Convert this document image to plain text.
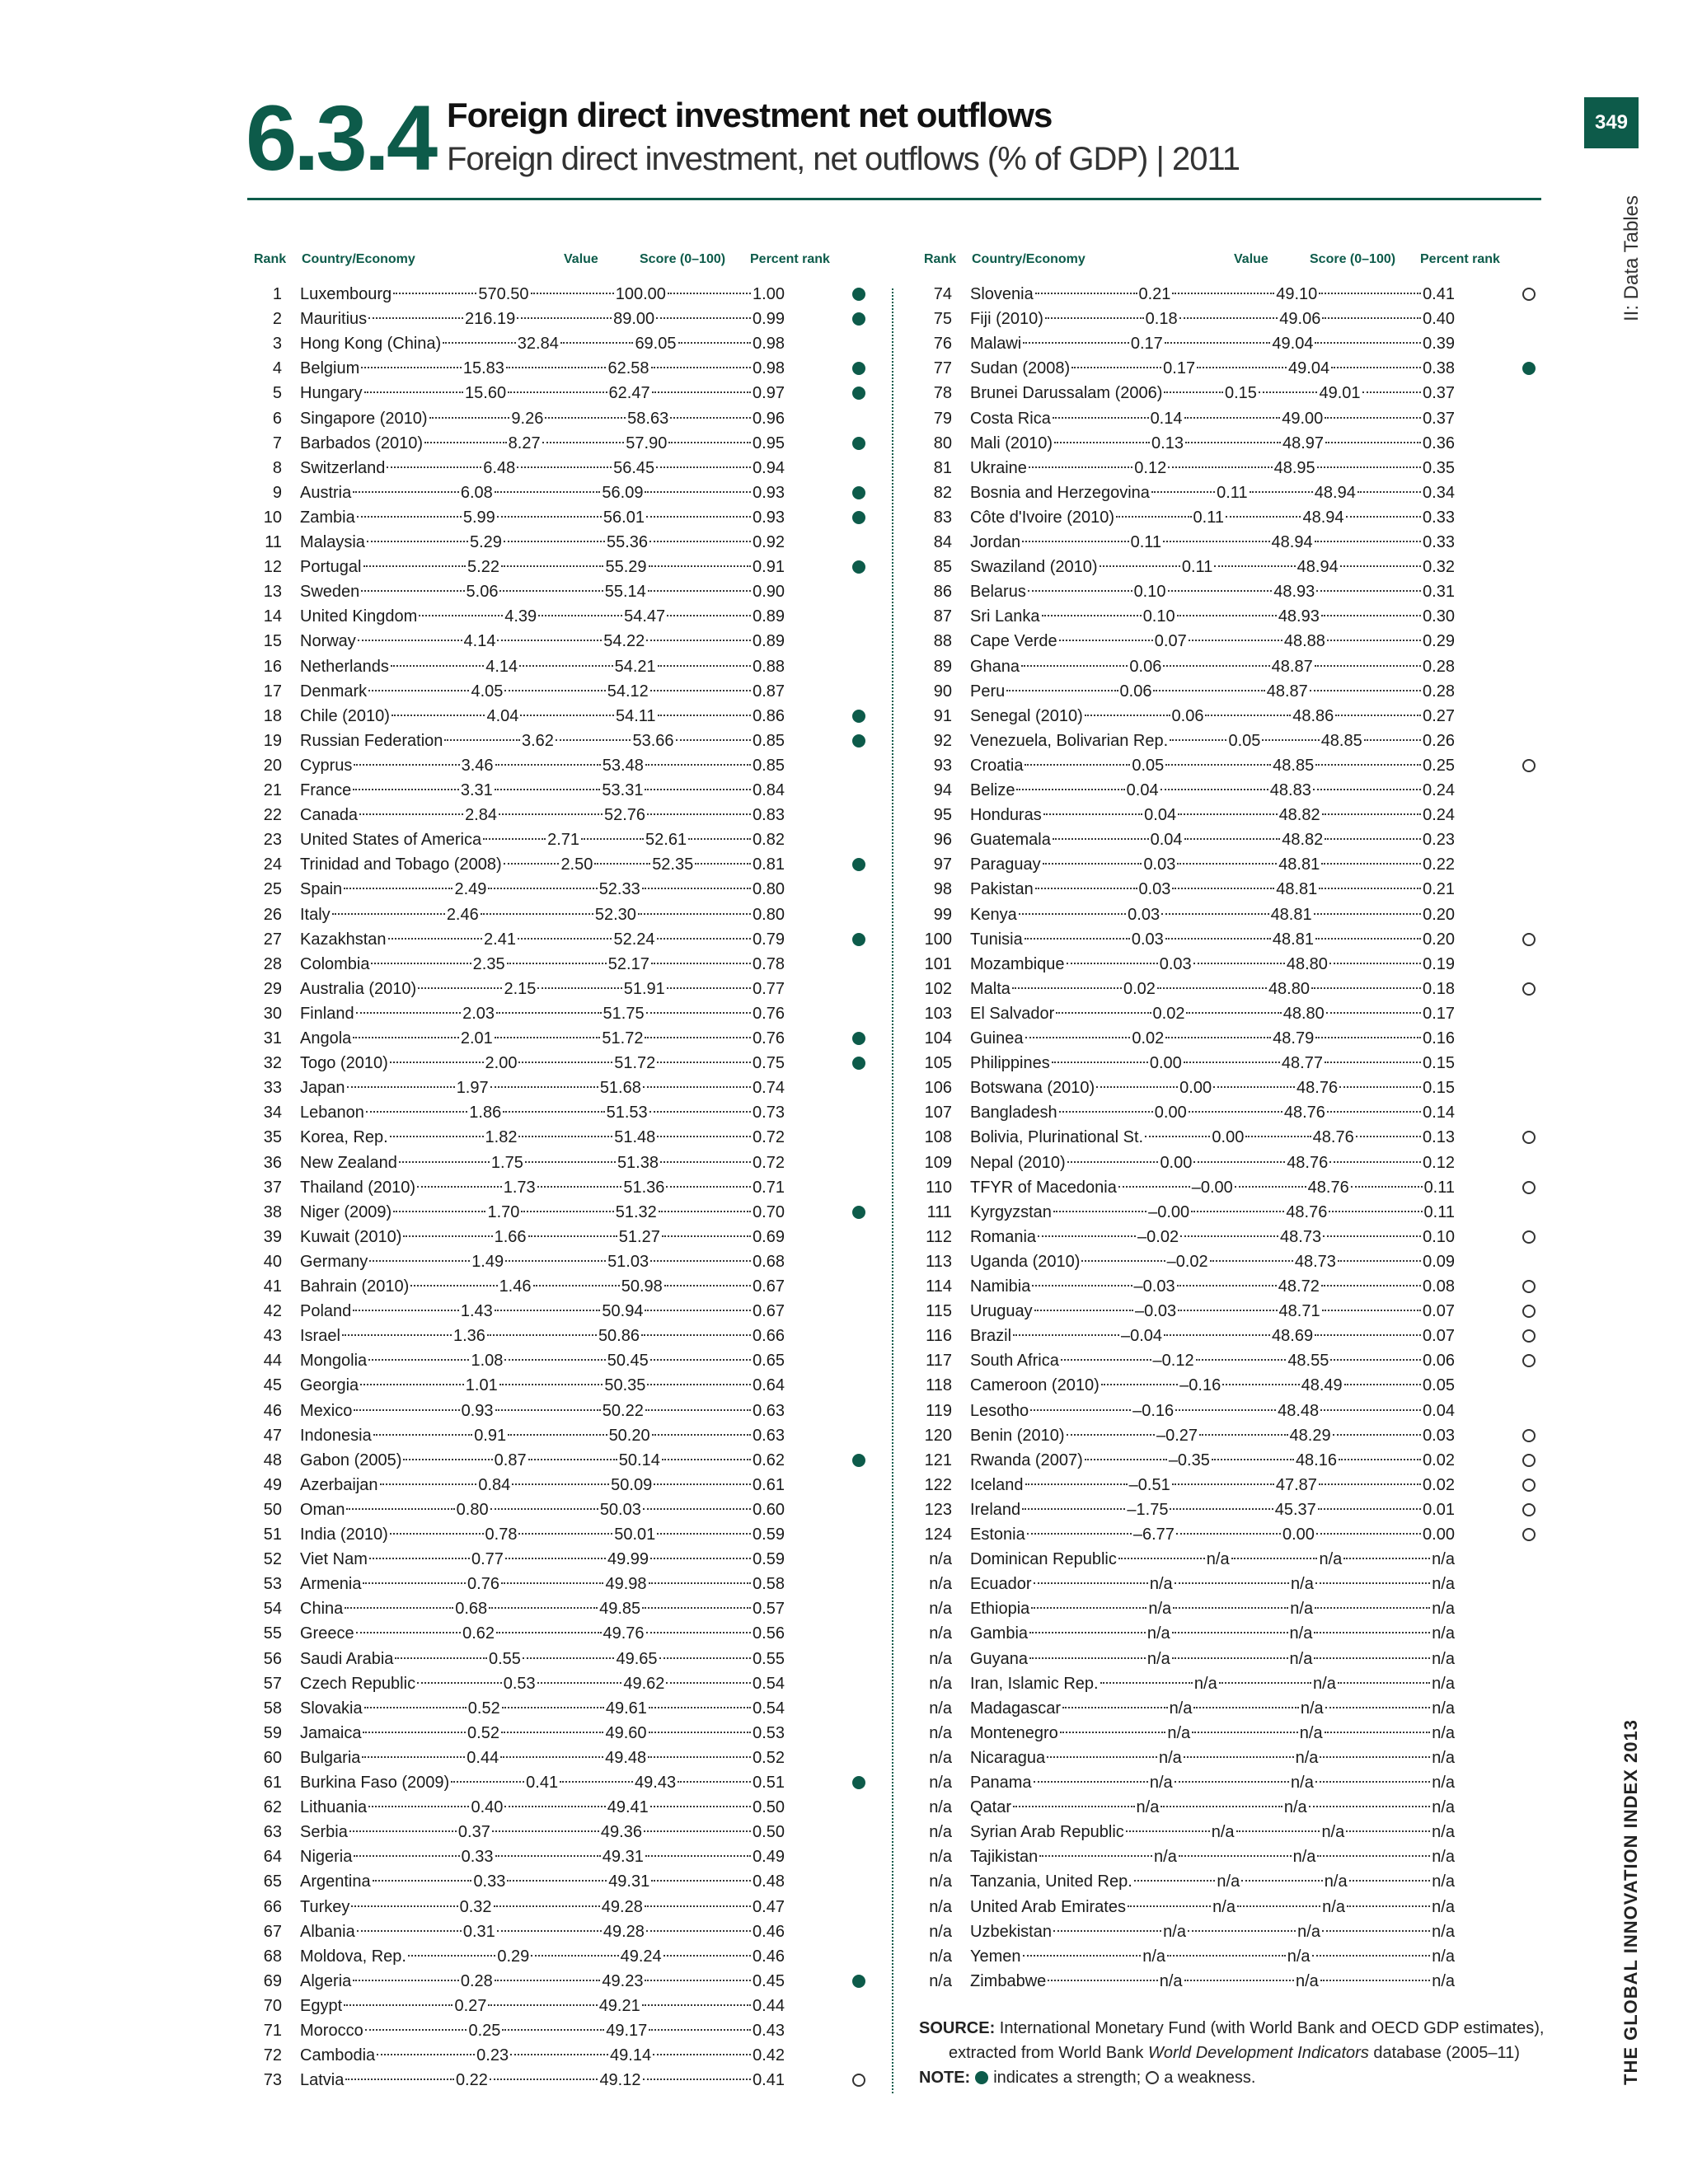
6.3.4 Foreign direct investment net outflows
Foreign direct investment, net outflows (% of GDP) | 2011
349
II: Data Tables
THE GLOBAL INNOVATION INDEX 2013
Rank Country/Economy	Value	Score (0–100) Percent rank	Rank Country/Economy	Value	Score (0–100) Percent rank
1 Luxembourg	570.50	100.00	1.00
2 Mauritius	216.19	89.00	0.99
3 Hong Kong (China)	32.84	69.05	0.98
4 Belgium	15.83	62.58	0.98
5 Hungary	15.60	62.47	0.97
6 Singapore (2010)	9.26	58.63	0.96
7 Barbados (2010)	8.27	57.90	0.95
8 Switzerland	6.48	56.45	0.94
9 Austria	6.08	56.09	0.93
10 Zambia	5.99	56.01	0.93
11 Malaysia	5.29	55.36	0.92
12 Portugal	5.22	55.29	0.91
13 Sweden	5.06	55.14	0.90
14 United Kingdom	4.39	54.47	0.89
15 Norway	4.14	54.22	0.89
16 Netherlands	4.14	54.21	0.88
17 Denmark	4.05	54.12	0.87
18 Chile (2010)	4.04	54.11	0.86
19 Russian Federation	3.62	53.66	0.85
20 Cyprus	3.46	53.48	0.85
21 France	3.31	53.31	0.84
22 Canada	2.84	52.76	0.83
23 United States of America	2.71	52.61	0.82
24 Trinidad and Tobago (2008)	2.50	52.35	0.81
25 Spain	2.49	52.33	0.80
26 Italy	2.46	52.30	0.80
27 Kazakhstan	2.41	52.24	0.79
28 Colombia	2.35	52.17	0.78
29 Australia (2010)	2.15	51.91	0.77
30 Finland	2.03	51.75	0.76
31 Angola	2.01	51.72	0.76
32 Togo (2010)	2.00	51.72	0.75
33 Japan	1.97	51.68	0.74
34 Lebanon	1.86	51.53	0.73
35 Korea, Rep.	1.82	51.48	0.72
36 New Zealand	1.75	51.38	0.72
37 Thailand (2010)	1.73	51.36	0.71
38 Niger (2009)	1.70	51.32	0.70
39 Kuwait (2010)	1.66	51.27	0.69
40 Germany	1.49	51.03	0.68
41 Bahrain (2010)	1.46	50.98	0.67
42 Poland	1.43	50.94	0.67
43 Israel	1.36	50.86	0.66
44 Mongolia	1.08	50.45	0.65
45 Georgia	1.01	50.35	0.64
46 Mexico	0.93	50.22	0.63
47 Indonesia	0.91	50.20	0.63
48 Gabon (2005)	0.87	50.14	0.62
49 Azerbaijan	0.84	50.09	0.61
50 Oman	0.80	50.03	0.60
51 India (2010)	0.78	50.01	0.59
52 Viet Nam	0.77	49.99	0.59
53 Armenia	0.76	49.98	0.58
54 China	0.68	49.85	0.57
55 Greece	0.62	49.76	0.56
56 Saudi Arabia	0.55	49.65	0.55
57 Czech Republic	0.53	49.62	0.54
58 Slovakia	0.52	49.61	0.54
59 Jamaica	0.52	49.60	0.53
60 Bulgaria	0.44	49.48	0.52
61 Burkina Faso (2009)	0.41	49.43	0.51
62 Lithuania	0.40	49.41	0.50
63 Serbia	0.37	49.36	0.50
64 Nigeria	0.33	49.31	0.49
65 Argentina	0.33	49.31	0.48
66 Turkey	0.32	49.28	0.47
67 Albania	0.31	49.28	0.46
68 Moldova, Rep.	0.29	49.24	0.46
69 Algeria	0.28	49.23	0.45
70 Egypt	0.27	49.21	0.44
71 Morocco	0.25	49.17	0.43
72 Cambodia	0.23	49.14	0.42
73 Latvia	0.22	49.12	0.41
74 Slovenia	0.21	49.10	0.41
75 Fiji (2010)	0.18	49.06	0.40
76 Malawi	0.17	49.04	0.39
77 Sudan (2008)	0.17	49.04	0.38
78 Brunei Darussalam (2006)	0.15	49.01	0.37
79 Costa Rica	0.14	49.00	0.37
80 Mali (2010)	0.13	48.97	0.36
81 Ukraine	0.12	48.95	0.35
82 Bosnia and Herzegovina	0.11	48.94	0.34
83 Côte d'Ivoire (2010)	0.11	48.94	0.33
84 Jordan	0.11	48.94	0.33
85 Swaziland (2010)	0.11	48.94	0.32
86 Belarus	0.10	48.93	0.31
87 Sri Lanka	0.10	48.93	0.30
88 Cape Verde	0.07	48.88	0.29
89 Ghana	0.06	48.87	0.28
90 Peru	0.06	48.87	0.28
91 Senegal (2010)	0.06	48.86	0.27
92 Venezuela, Bolivarian Rep.	0.05	48.85	0.26
93 Croatia	0.05	48.85	0.25
94 Belize	0.04	48.83	0.24
95 Honduras	0.04	48.82	0.24
96 Guatemala	0.04	48.82	0.23
97 Paraguay	0.03	48.81	0.22
98 Pakistan	0.03	48.81	0.21
99 Kenya	0.03	48.81	0.20
100 Tunisia	0.03	48.81	0.20
101 Mozambique	0.03	48.80	0.19
102 Malta	0.02	48.80	0.18
103 El Salvador	0.02	48.80	0.17
104 Guinea	0.02	48.79	0.16
105 Philippines	0.00	48.77	0.15
106 Botswana (2010)	0.00	48.76	0.15
107 Bangladesh	0.00	48.76	0.14
108 Bolivia, Plurinational St.	0.00	48.76	0.13
109 Nepal (2010)	0.00	48.76	0.12
110 TFYR of Macedonia	–0.00	48.76	0.11
111 Kyrgyzstan	–0.00	48.76	0.11
112 Romania	–0.02	48.73	0.10
113 Uganda (2010)	–0.02	48.73	0.09
114 Namibia	–0.03	48.72	0.08
115 Uruguay	–0.03	48.71	0.07
116 Brazil	–0.04	48.69	0.07
117 South Africa	–0.12	48.55	0.06
118 Cameroon (2010)	–0.16	48.49	0.05
119 Lesotho	–0.16	48.48	0.04
120 Benin (2010)	–0.27	48.29	0.03
121 Rwanda (2007)	–0.35	48.16	0.02
122 Iceland	–0.51	47.87	0.02
123 Ireland	–1.75	45.37	0.01
124 Estonia	–6.77	0.00	0.00
n/a Dominican Republic	n/a	n/a	n/a
n/a Ecuador	n/a	n/a	n/a
n/a Ethiopia	n/a	n/a	n/a
n/a Gambia	n/a	n/a	n/a
n/a Guyana	n/a	n/a	n/a
n/a Iran, Islamic Rep.	n/a	n/a	n/a
n/a Madagascar	n/a	n/a	n/a
n/a Montenegro	n/a	n/a	n/a
n/a Nicaragua	n/a	n/a	n/a
n/a Panama	n/a	n/a	n/a
n/a Qatar	n/a	n/a	n/a
n/a Syrian Arab Republic	n/a	n/a	n/a
n/a Tajikistan	n/a	n/a	n/a
n/a Tanzania, United Rep.	n/a	n/a	n/a
n/a United Arab Emirates	n/a	n/a	n/a
n/a Uzbekistan	n/a	n/a	n/a
n/a Yemen	n/a	n/a	n/a
n/a Zimbabwe	n/a	n/a	n/a
SOURCE: International Monetary Fund (with World Bank and OECD GDP estimates),
extracted from World Bank World Development Indicators database (2005–11)
NOTE: indicates a strength; a weakness.
